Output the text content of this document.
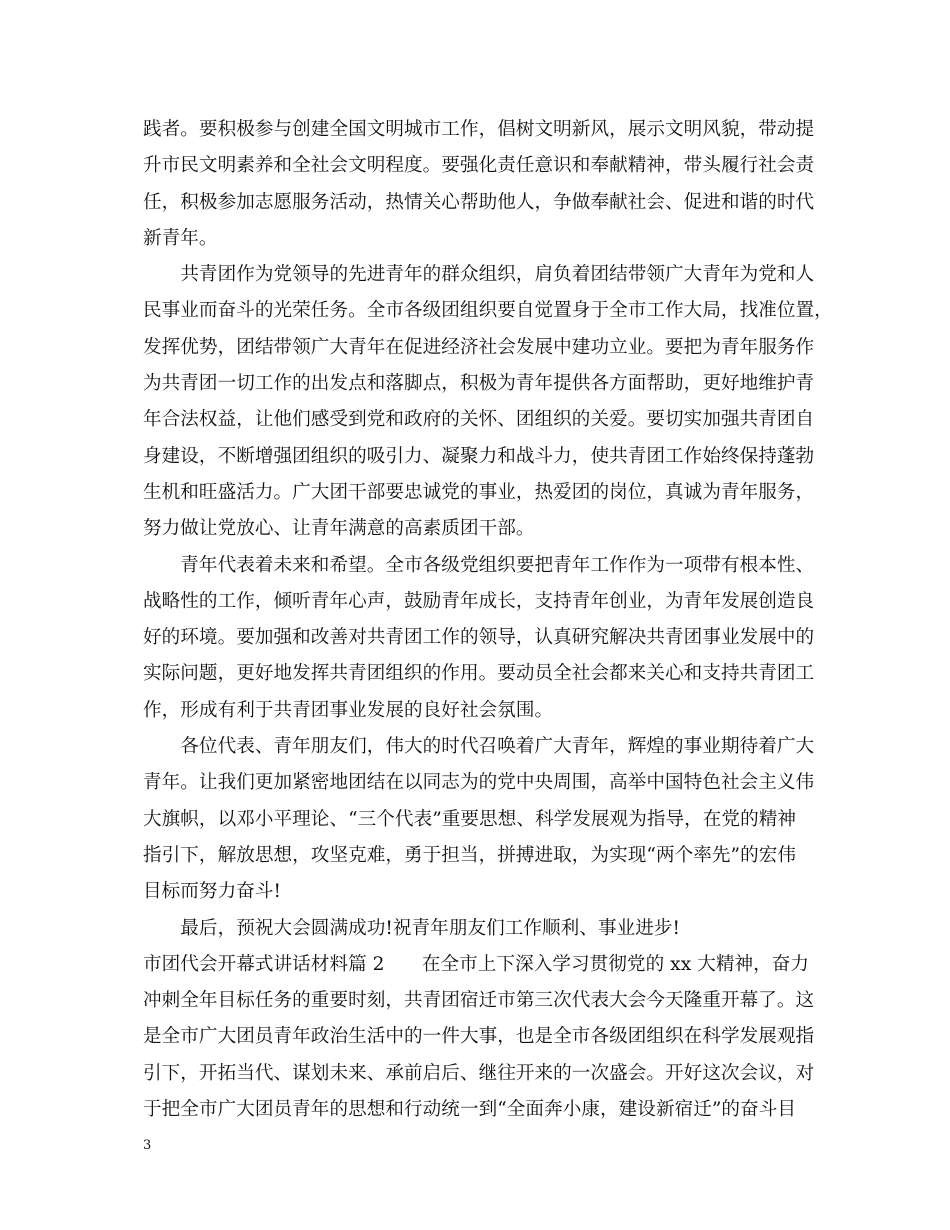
践者。要积极参与创建全国文明城市工作，倡树文明新风，展示文明风貌，带动提
升市民文明素养和全社会文明程度。要强化责任意识和奉献精神，带头履行社会责
任，积极参加志愿服务活动，热情关心帮助他人，争做奉献社会、促进和谐的时代
新青年。
　　共青团作为党领导的先进青年的群众组织，肩负着团结带领广大青年为党和人
民事业而奋斗的光荣任务。全市各级团组织要自觉置身于全市工作大局，找准位置，
发挥优势，团结带领广大青年在促进经济社会发展中建功立业。要把为青年服务作
为共青团一切工作的出发点和落脚点，积极为青年提供各方面帮助，更好地维护青
年合法权益，让他们感受到党和政府的关怀、团组织的关爱。要切实加强共青团自
身建设，不断增强团组织的吸引力、凝聚力和战斗力，使共青团工作始终保持蓬勃
生机和旺盛活力。广大团干部要忠诚党的事业，热爱团的岗位，真诚为青年服务，
努力做让党放心、让青年满意的高素质团干部。
　　青年代表着未来和希望。全市各级党组织要把青年工作作为一项带有根本性、
战略性的工作，倾听青年心声，鼓励青年成长，支持青年创业，为青年发展创造良
好的环境。要加强和改善对共青团工作的领导，认真研究解决共青团事业发展中的
实际问题，更好地发挥共青团组织的作用。要动员全社会都来关心和支持共青团工
作，形成有利于共青团事业发展的良好社会氛围。
　　各位代表、青年朋友们，伟大的时代召唤着广大青年，辉煌的事业期待着广大
青年。让我们更加紧密地团结在以同志为的党中央周围，高举中国特色社会主义伟
大旗帜，以邓小平理论、“三个代表”重要思想、科学发展观为指导，在党的精神
指引下，解放思想，攻坚克难，勇于担当，拼搏进取，为实现“两个率先”的宏伟
目标而努力奋斗!
　　最后，预祝大会圆满成功!祝青年朋友们工作顺利、事业进步!
市团代会开幕式讲话材料篇 2　　在全市上下深入学习贯彻党的 xx 大精神，奋力
冲刺全年目标任务的重要时刻，共青团宿迁市第三次代表大会今天隆重开幕了。这
是全市广大团员青年政治生活中的一件大事，也是全市各级团组织在科学发展观指
引下，开拓当代、谋划未来、承前启后、继往开来的一次盛会。开好这次会议，对
于把全市广大团员青年的思想和行动统一到“全面奔小康，建设新宿迁”的奋斗目
3
